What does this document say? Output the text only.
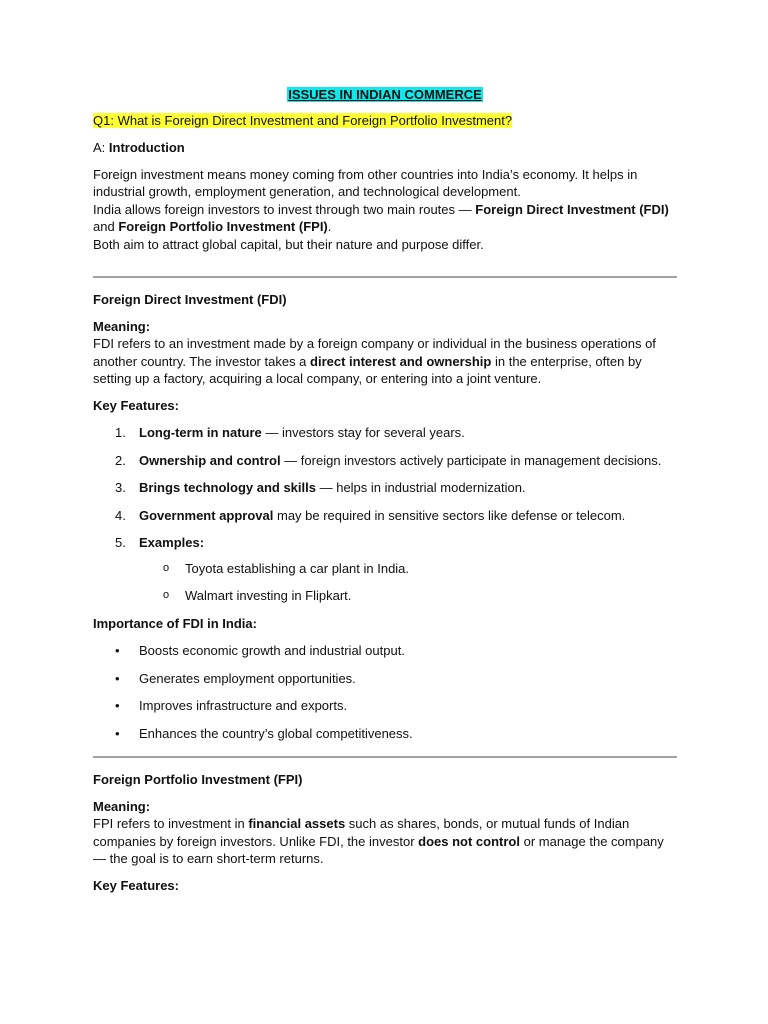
ISSUES IN INDIAN COMMERCE
Q1: What is Foreign Direct Investment and Foreign Portfolio Investment?

A: Introduction

Foreign investment means money coming from other countries into India’s economy. It helps in industrial growth, employment generation, and technological development.
India allows foreign investors to invest through two main routes — Foreign Direct Investment (FDI) and Foreign Portfolio Investment (FPI).
Both aim to attract global capital, but their nature and purpose differ.
Foreign Direct Investment (FDI)
Meaning:

FDI refers to an investment made by a foreign company or individual in the business operations of another country. The investor takes a direct interest and ownership in the enterprise, often by setting up a factory, acquiring a local company, or entering into a joint venture.

Key Features:

1. Long-term in nature — investors stay for several years.
2. Ownership and control — foreign investors actively participate in management decisions.
3. Brings technology and skills — helps in industrial modernization.
4. Government approval may be required in sensitive sectors like defense or telecom.
5. Examples:
o Toyota establishing a car plant in India.
o Walmart investing in Flipkart.

Importance of FDI in India:

• Boosts economic growth and industrial output.
• Generates employment opportunities.
• Improves infrastructure and exports.
• Enhances the country’s global competitiveness.
Foreign Portfolio Investment (FPI)
Meaning:

FPI refers to investment in financial assets such as shares, bonds, or mutual funds of Indian companies by foreign investors. Unlike FDI, the investor does not control or manage the company — the goal is to earn short-term returns.

Key Features:
